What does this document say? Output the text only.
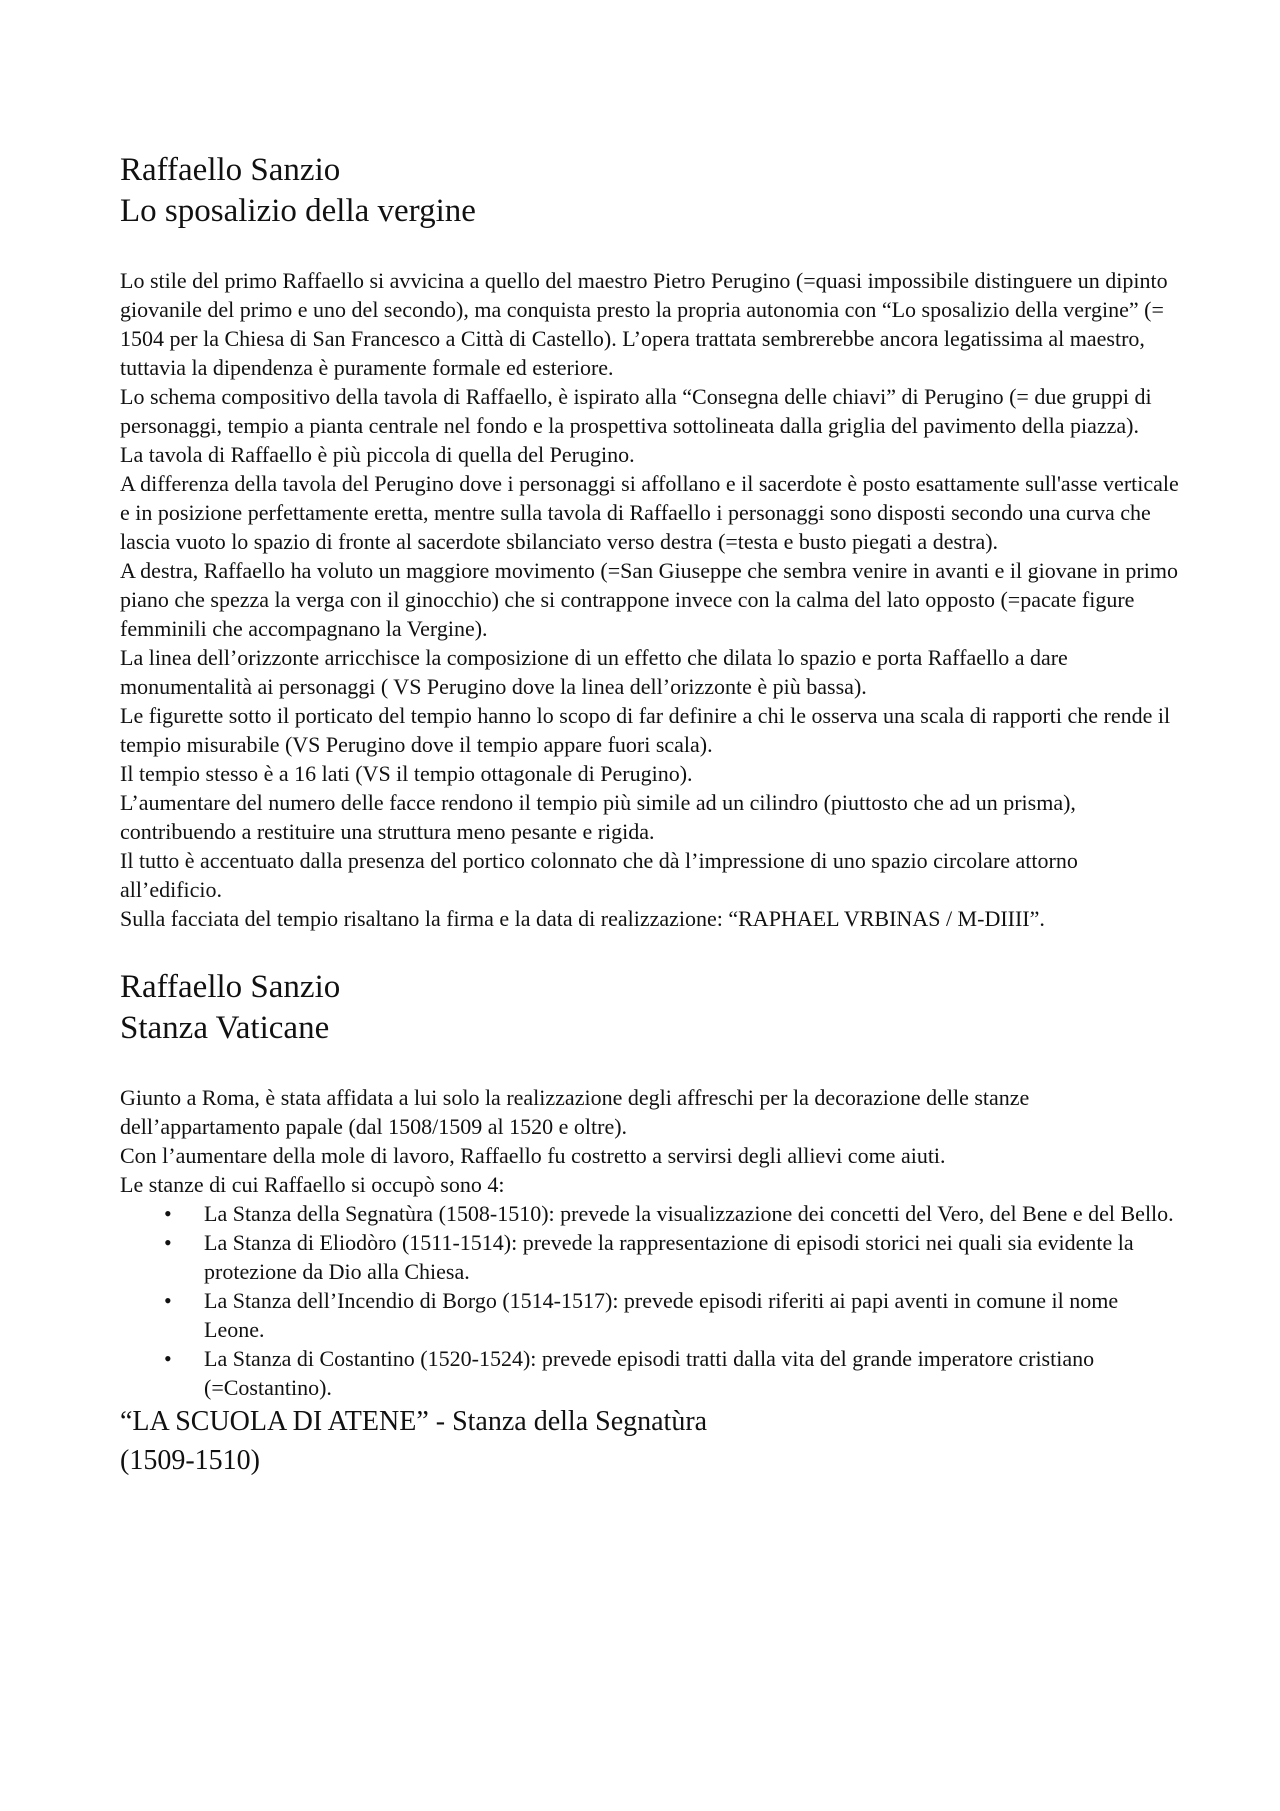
Raffaello Sanzio
Lo sposalizio della vergine

Lo stile del primo Raffaello si avvicina a quello del maestro Pietro Perugino (=quasi impossibile distinguere un dipinto giovanile del primo e uno del secondo), ma conquista presto la propria autonomia con “Lo sposalizio della vergine” (= 1504 per la Chiesa di San Francesco a Città di Castello). L’opera trattata sembrerebbe ancora legatissima al maestro, tuttavia la dipendenza è puramente formale ed esteriore.

Lo schema compositivo della tavola di Raffaello, è ispirato alla “Consegna delle chiavi” di Perugino (= due gruppi di personaggi, tempio a pianta centrale nel fondo e la prospettiva sottolineata dalla griglia del pavimento della piazza).

La tavola di Raffaello è più piccola di quella del Perugino.

A differenza della tavola del Perugino dove i personaggi si affollano e il sacerdote è posto esattamente sull'asse verticale e in posizione perfettamente eretta, mentre sulla tavola di Raffaello i personaggi sono disposti secondo una curva che lascia vuoto lo spazio di fronte al sacerdote sbilanciato verso destra (=testa e busto piegati a destra).

A destra, Raffaello ha voluto un maggiore movimento (=San Giuseppe che sembra venire in avanti e il giovane in primo piano che spezza la verga con il ginocchio) che si contrappone invece con la calma del lato opposto (=pacate figure femminili che accompagnano la Vergine).

La linea dell’orizzonte arricchisce la composizione di un effetto che dilata lo spazio e porta Raffaello a dare monumentalità ai personaggi ( VS Perugino dove la linea dell’orizzonte è più bassa).

Le figurette sotto il porticato del tempio hanno lo scopo di far definire a chi le osserva una scala di rapporti che rende il tempio misurabile (VS Perugino dove il tempio appare fuori scala).

Il tempio stesso è a 16 lati (VS il tempio ottagonale di Perugino).

L’aumentare del numero delle facce rendono il tempio più simile ad un cilindro (piuttosto che ad un prisma), contribuendo a restituire una struttura meno pesante e rigida.

Il tutto è accentuato dalla presenza del portico colonnato che dà l’impressione di uno spazio circolare attorno all’edificio.

Sulla facciata del tempio risaltano la firma e la data di realizzazione: “RAPHAEL VRBINAS / M-DIIII”.

Raffaello Sanzio
Stanza Vaticane

Giunto a Roma, è stata affidata a lui solo la realizzazione degli affreschi per la decorazione delle stanze dell’appartamento papale (dal 1508/1509 al 1520 e oltre).

Con l’aumentare della mole di lavoro, Raffaello fu costretto a servirsi degli allievi come aiuti.

Le stanze di cui Raffaello si occupò sono 4:

• La Stanza della Segnatùra (1508-1510): prevede la visualizzazione dei concetti del Vero, del Bene e del Bello.
• La Stanza di Eliodòro (1511-1514): prevede la rappresentazione di episodi storici nei quali sia evidente la protezione da Dio alla Chiesa.
• La Stanza dell’Incendio di Borgo (1514-1517): prevede episodi riferiti ai papi aventi in comune il nome Leone.
• La Stanza di Costantino (1520-1524): prevede episodi tratti dalla vita del grande imperatore cristiano (=Costantino).
“LA SCUOLA DI ATENE” - Stanza della Segnatùra
(1509-1510)
